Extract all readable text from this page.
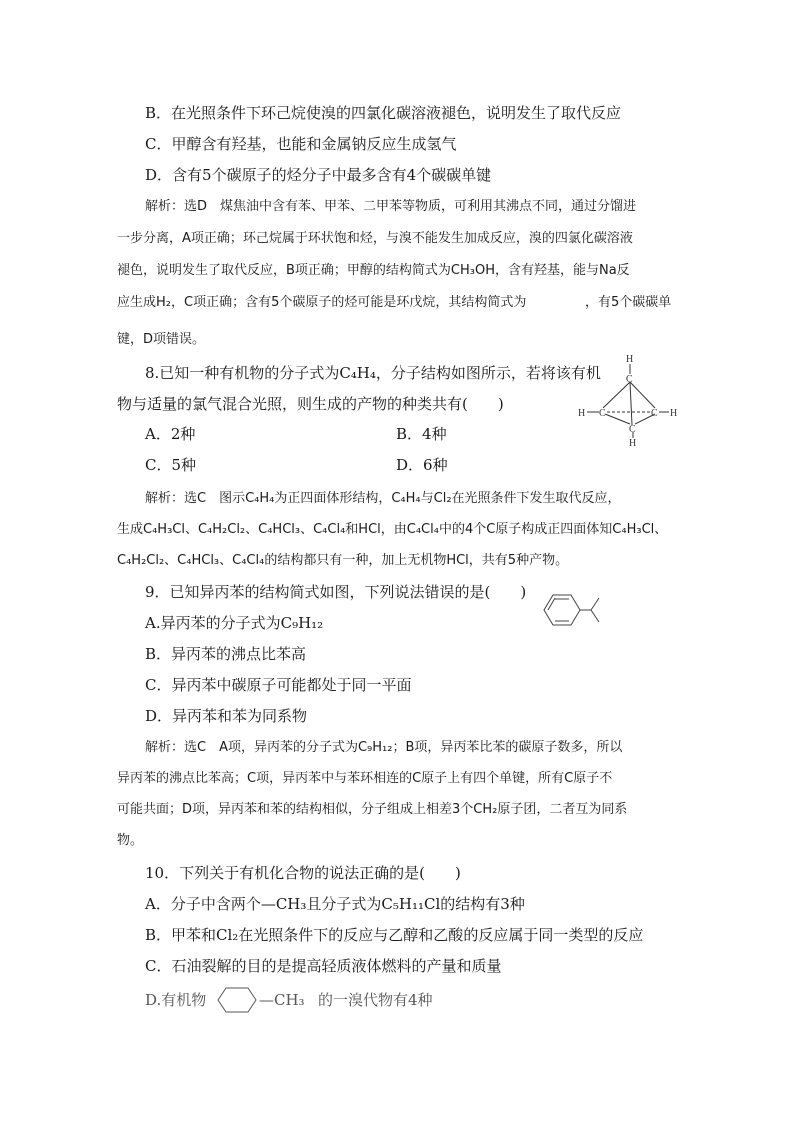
B．在光照条件下环己烷使溴的四氯化碳溶液褪色，说明发生了取代反应
C．甲醇含有羟基，也能和金属钠反应生成氢气
D．含有5个碳原子的烃分子中最多含有4个碳碳单键
解析：选D　煤焦油中含有苯、甲苯、二甲苯等物质，可利用其沸点不同，通过分馏进
一步分离，A项正确；环己烷属于环状饱和烃，与溴不能发生加成反应，溴的四氯化碳溶液
褪色，说明发生了取代反应，B项正确；甲醇的结构简式为CH₃OH，含有羟基，能与Na反
应生成H₂，C项正确；含有5个碳原子的烃可能是环戊烷，其结构简式为	，有5个碳碳单
键，D项错误。
8.已知一种有机物的分子式为C₄H₄，分子结构如图所示，若将该有机
物与适量的氯气混合光照，则生成的产物的种类共有(　　)
A．2种	B．4种
C．5种	D．6种
H
C
H C	C H
C
H
解析：选C　图示C₄H₄为正四面体形结构，C₄H₄与Cl₂在光照条件下发生取代反应，
生成C₄H₃Cl、C₄H₂Cl₂、C₄HCl₃、C₄Cl₄和HCl，由C₄Cl₄中的4个C原子构成正四面体知C₄H₃Cl、
C₄H₂Cl₂、C₄HCl₃、C₄Cl₄的结构都只有一种，加上无机物HCl，共有5种产物。
9．已知异丙苯的结构简式如图，下列说法错误的是(　　)
A.异丙苯的分子式为C₉H₁₂
B．异丙苯的沸点比苯高
C．异丙苯中碳原子可能都处于同一平面
D．异丙苯和苯为同系物
解析：选C　A项，异丙苯的分子式为C₉H₁₂；B项，异丙苯比苯的碳原子数多，所以
异丙苯的沸点比苯高；C项，异丙苯中与苯环相连的C原子上有四个单键，所有C原子不
可能共面；D项，异丙苯和苯的结构相似，分子组成上相差3个CH₂原子团，二者互为同系
物。
10．下列关于有机化合物的说法正确的是(　　)
A．分子中含两个—CH₃且分子式为C₅H₁₁Cl的结构有3种
B．甲苯和Cl₂在光照条件下的反应与乙醇和乙酸的反应属于同一类型的反应
C．石油裂解的目的是提高轻质液体燃料的产量和质量
D.有机物	—CH₃ 的一溴代物有4种
